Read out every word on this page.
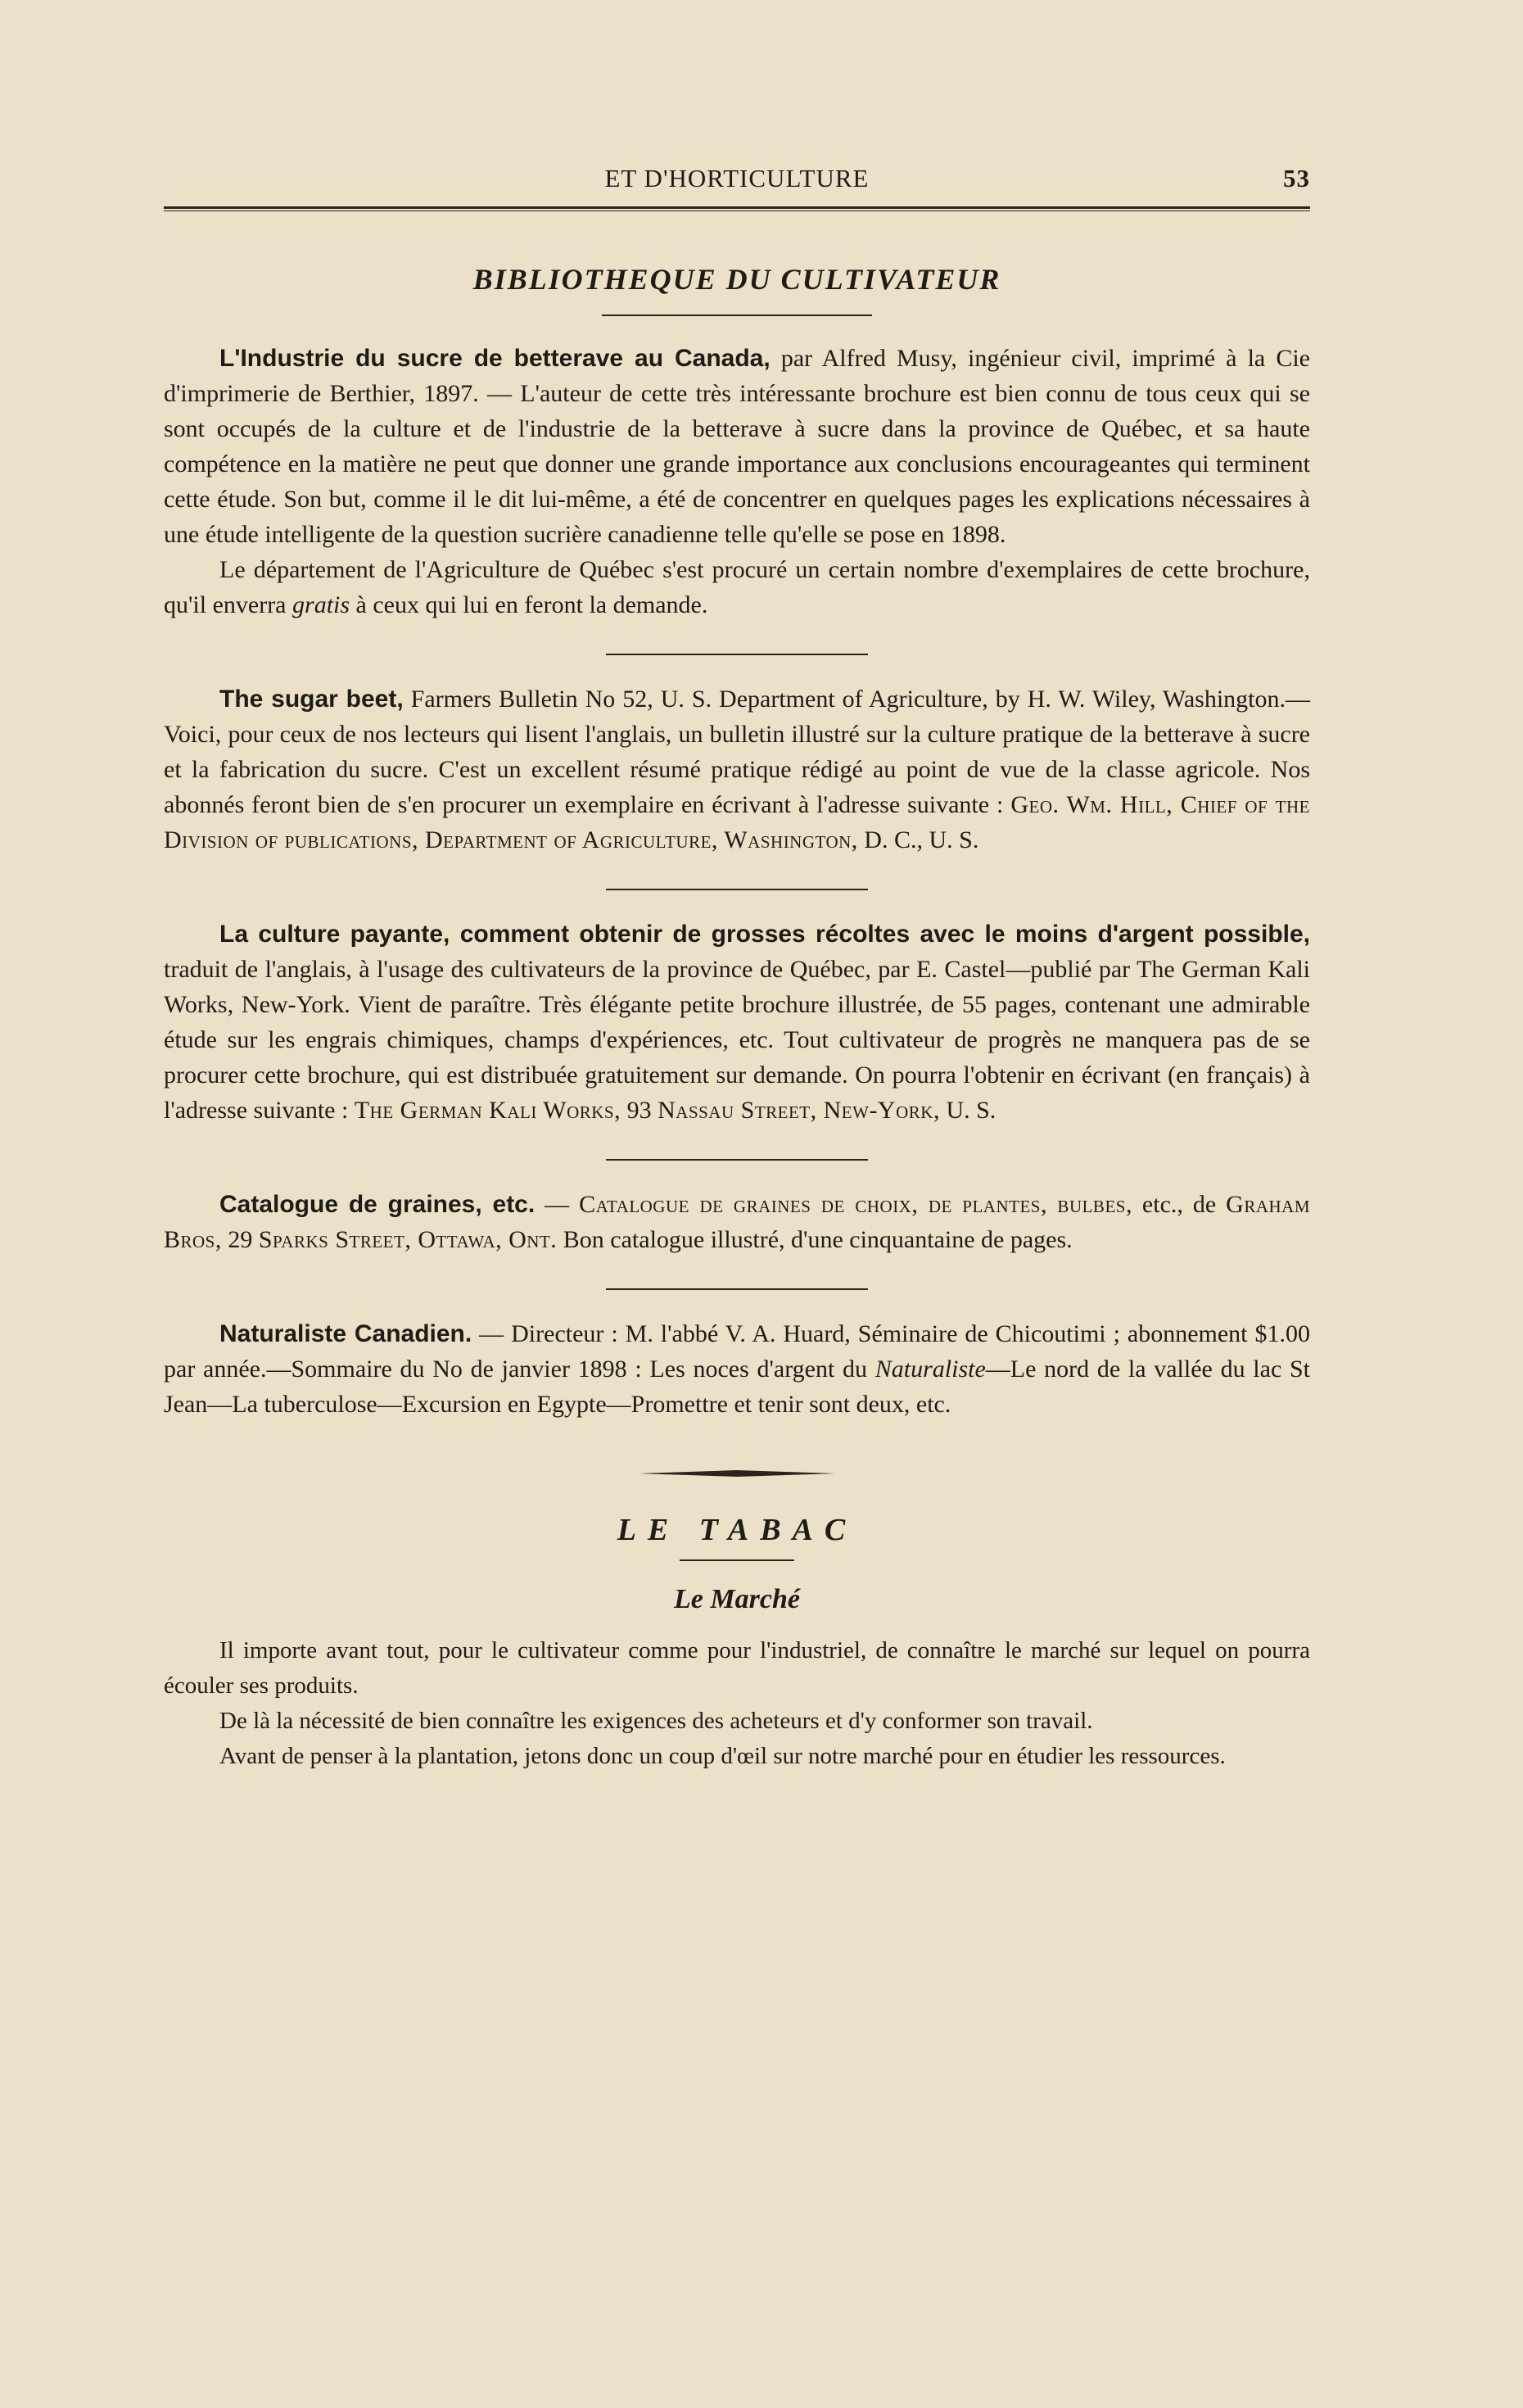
ET D'HORTICULTURE	53
BIBLIOTHEQUE DU CULTIVATEUR

L'Industrie du sucre de betterave au Canada, par Alfred Musy, ingénieur civil, imprimé à la Cie d'imprimerie de Berthier, 1897. — L'auteur de cette très intéressante brochure est bien connu de tous ceux qui se sont occupés de la culture et de l'industrie de la betterave à sucre dans la province de Québec, et sa haute compétence en la matière ne peut que donner une grande importance aux conclusions encourageantes qui terminent cette étude. Son but, comme il le dit lui-même, a été de concentrer en quelques pages les explications nécessaires à une étude intelligente de la question sucrière canadienne telle qu'elle se pose en 1898.

Le département de l'Agriculture de Québec s'est procuré un certain nombre d'exemplaires de cette brochure, qu'il enverra gratis à ceux qui lui en feront la demande.

The sugar beet, Farmers Bulletin No 52, U. S. Department of Agriculture, by H. W. Wiley, Washington.—Voici, pour ceux de nos lecteurs qui lisent l'anglais, un bulletin illustré sur la culture pratique de la betterave à sucre et la fabrication du sucre. C'est un excellent résumé pratique rédigé au point de vue de la classe agricole. Nos abonnés feront bien de s'en procurer un exemplaire en écrivant à l'adresse suivante : Geo. Wm. Hill, Chief of the Division of publications, Department of Agriculture, Washington, D. C., U. S.

La culture payante, comment obtenir de grosses récoltes avec le moins d'argent possible, traduit de l'anglais, à l'usage des cultivateurs de la province de Québec, par E. Castel—publié par The German Kali Works, New-York. Vient de paraître. Très élégante petite brochure illustrée, de 55 pages, contenant une admirable étude sur les engrais chimiques, champs d'expériences, etc. Tout cultivateur de progrès ne manquera pas de se procurer cette brochure, qui est distribuée gratuitement sur demande. On pourra l'obtenir en écrivant (en français) à l'adresse suivante : The German Kali Works, 93 Nassau Street, New-York, U. S.

Catalogue de graines, etc. — Catalogue de graines de choix, de plantes, bulbes, etc., de Graham Bros, 29 Sparks Street, Ottawa, Ont. Bon catalogue illustré, d'une cinquantaine de pages.

Naturaliste Canadien. — Directeur : M. l'abbé V. A. Huard, Séminaire de Chicoutimi ; abonnement $1.00 par année.—Sommaire du No de janvier 1898 : Les noces d'argent du Naturaliste—Le nord de la vallée du lac St Jean—La tuberculose—Excursion en Egypte—Promettre et tenir sont deux, etc.

LE TABAC
Le Marché

Il importe avant tout, pour le cultivateur comme pour l'industriel, de connaître le marché sur lequel on pourra écouler ses produits.

De là la nécessité de bien connaître les exigences des acheteurs et d'y conformer son travail.

Avant de penser à la plantation, jetons donc un coup d'œil sur notre marché pour en étudier les ressources.
